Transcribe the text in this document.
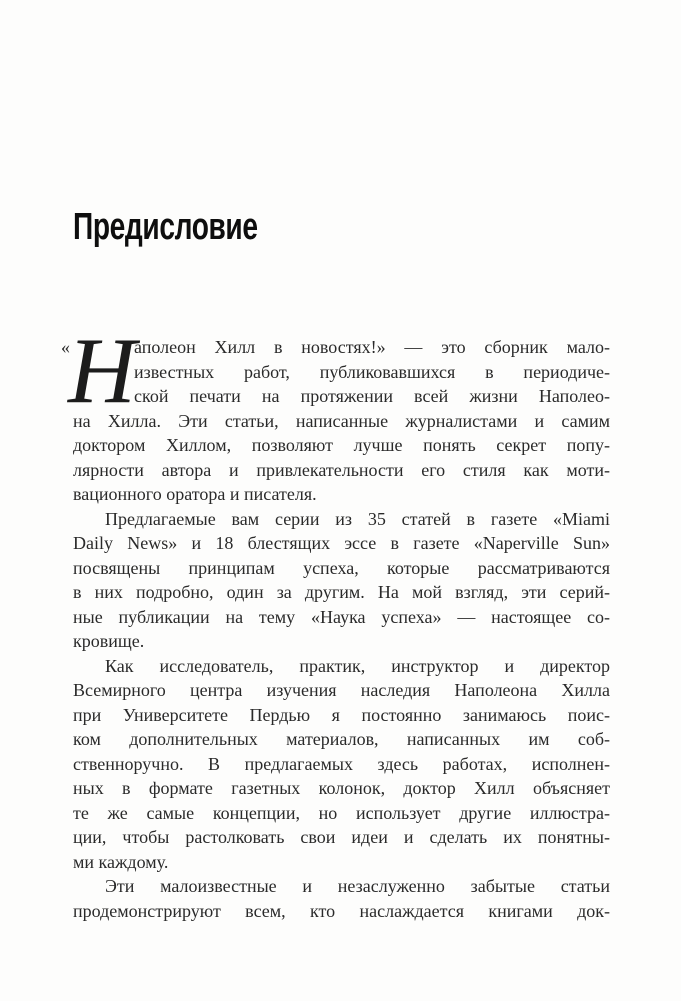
Предисловие
«
Н
аполеон Хилл в новостях!» — это сборник мало-
известных работ, публиковавшихся в периодиче-
ской печати на протяжении всей жизни Наполео-
на Хилла. Эти статьи, написанные журналистами и самим
доктором Хиллом, позволяют лучше понять секрет попу-
лярности автора и привлекательности его стиля как моти-
вационного оратора и писателя.
Предлагаемые вам серии из 35 статей в газете «Miami
Daily News» и 18 блестящих эссе в газете «Naperville Sun»
посвящены принципам успеха, которые рассматриваются
в них подробно, один за другим. На мой взгляд, эти серий-
ные публикации на тему «Наука успеха» — настоящее со-
кровище.
Как исследователь, практик, инструктор и директор
Всемирного центра изучения наследия Наполеона Хилла
при Университете Пердью я постоянно занимаюсь поис-
ком дополнительных материалов, написанных им соб-
ственноручно. В предлагаемых здесь работах, исполнен-
ных в формате газетных колонок, доктор Хилл объясняет
те же самые концепции, но использует другие иллюстра-
ции, чтобы растолковать свои идеи и сделать их понятны-
ми каждому.
Эти малоизвестные и незаслуженно забытые статьи
продемонстрируют всем, кто наслаждается книгами док-
